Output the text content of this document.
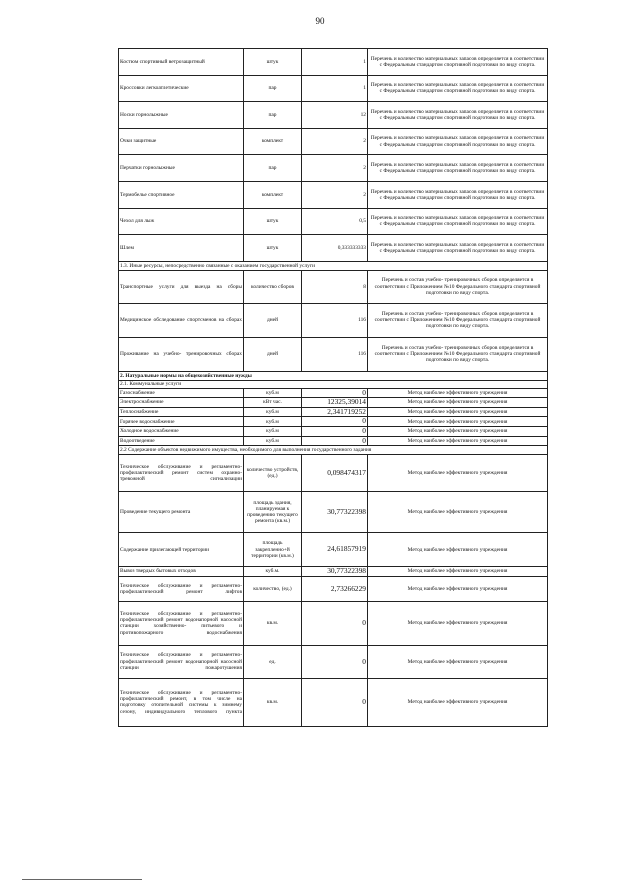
90
Костюм спортивный ветрозащитный	штук	1	Перечень и количество материальных запасов определяется в соответствии с Федеральным стандартом спортивной подготовки по виду спорта.
Кроссовки легкоатлетические	пар	1	Перечень и количество материальных запасов определяется в соответствии с Федеральным стандартом спортивной подготовки по виду спорта.
Носки горнолыжные	пар	12	Перечень и количество материальных запасов определяется в соответствии с Федеральным стандартом спортивной подготовки по виду спорта.
Очки защитные	комплект	2	Перечень и количество материальных запасов определяется в соответствии с Федеральным стандартом спортивной подготовки по виду спорта.
Перчатки горнолыжные	пар	2	Перечень и количество материальных запасов определяется в соответствии с Федеральным стандартом спортивной подготовки по виду спорта.
Термобелье спортивное	комплект	2	Перечень и количество материальных запасов определяется в соответствии с Федеральным стандартом спортивной подготовки по виду спорта.
Чехол для лыж	штук	0,5	Перечень и количество материальных запасов определяется в соответствии с Федеральным стандартом спортивной подготовки по виду спорта.
Шлем	штук	0,333333333	Перечень и количество материальных запасов определяется в соответствии с Федеральным стандартом спортивной подготовки по виду спорта.
1.3. Иные ресурсы, непосредственно связанные с оказанием государственной услуги			
Транспортные услуги для выезда на сборы	количество сборов	8	Перечень и состав учебно- тренировочных сборов определяется в соответствии с Приложением №10 Федерального стандарта спортивной подготовки по виду спорта.
Медицинское обследование спортсменов на сборах	дней	116	Перечень и состав учебно- тренировочных сборов определяется в соответствии с Приложением №10 Федерального стандарта спортивной подготовки по виду спорта.
Проживание на учебно- тренировочных сборах	дней	116	Перечень и состав учебно- тренировочных сборов определяется в соответствии с Приложением №10 Федерального стандарта спортивной подготовки по виду спорта.
2. Натуральные нормы на общехозяйственные нужды			
2.1. Коммунальные услуги			
Газоснабжение	куб.м	0	Метод наиболее эффективного учреждения
Электроснабжение	кВт час.	12325,39014	Метод наиболее эффективного учреждения
Теплоснабжение	куб.м	2,341719252	Метод наиболее эффективного учреждения
Горячее водоснабжение	куб.м	0	Метод наиболее эффективного учреждения
Холодное водоснабжение	куб.м	0	Метод наиболее эффективного учреждения
Водоотведение	куб.м	0	Метод наиболее эффективного учреждения
2.2 Содержание объектов недвижимого имущества, необходимого для выполнения государственного задания			
Техническое обслуживание и регламентно- профилактический ремонт систем охранно- тревожной сигнализации	количество устройств, (ед.)	0,098474317	Метод наиболее эффективного учреждения
Проведение текущего ремонта	площадь здания, планируемая к проведению текущего ремонта (кв.м.)	30,77322398	Метод наиболее эффективного учреждения
Содержание прилегающей территории	площадь закрепленно+й территории (кв.м.)	24,61857919	Метод наиболее эффективного учреждения
Вывоз твердых бытовых отходов	куб.м.	30,77322398	Метод наиболее эффективного учреждения
Техническое обслуживание и регламентно- профилактический ремонт лифтов	количество, (ед.)	2,73266229	Метод наиболее эффективного учреждения
Техническое обслуживание и регламентно- профилактический ремонт водонапорной насосной станции хозяйственно- питьевого и противопожарного водоснабжения	кв.м.	0	Метод наиболее эффективного учреждения
Техническое обслуживание и регламентно- профилактический ремонт водонапорной насосной станции пожаротушения	ед.	0	Метод наиболее эффективного учреждения
Техническое обслуживание и регламентно- профилактический ремонт, в том числе на подготовку отопительной системы к зимнему сезону, индивидуального теплового пункта	кв.м.	0	Метод наиболее эффективного учреждения
